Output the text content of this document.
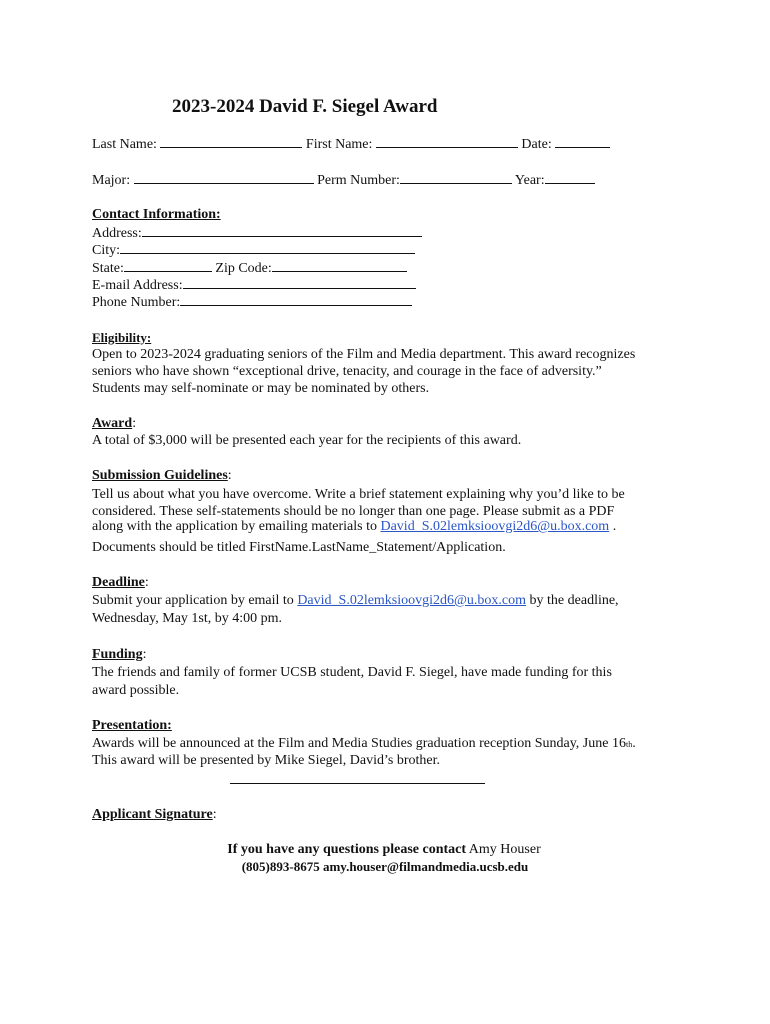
2023-2024 David F. Siegel Award
Last Name:	First Name:	Date:
Major:	Perm Number:	Year:
Contact Information:
Address:
City:
State:	Zip Code:
E-mail Address:
Phone Number:
Eligibility:
Open to 2023-2024 graduating seniors of the Film and Media department. This award recognizes
seniors who have shown “exceptional drive, tenacity, and courage in the face of adversity.”
Students may self-nominate or may be nominated by others.
Award:
A total of $3,000 will be presented each year for the recipients of this award.
Submission Guidelines:
Tell us about what you have overcome. Write a brief statement explaining why you’d like to be
considered. These self-statements should be no longer than one page. Please submit as a PDF
along with the application by emailing materials to David_S.02lemksioovgi2d6@u.box.com .
Documents should be titled FirstName.LastName_Statement/Application.
Deadline:
Submit your application by email to David_S.02lemksioovgi2d6@u.box.com by the deadline,
Wednesday, May 1st, by 4:00 pm.
Funding:
The friends and family of former UCSB student, David F. Siegel, have made funding for this
award possible.
Presentation:
Awards will be announced at the Film and Media Studies graduation reception Sunday, June 16th.
This award will be presented by Mike Siegel, David’s brother.
Applicant Signature:
If you have any questions please contact Amy Houser
(805)893-8675 amy.houser@filmandmedia.ucsb.edu
